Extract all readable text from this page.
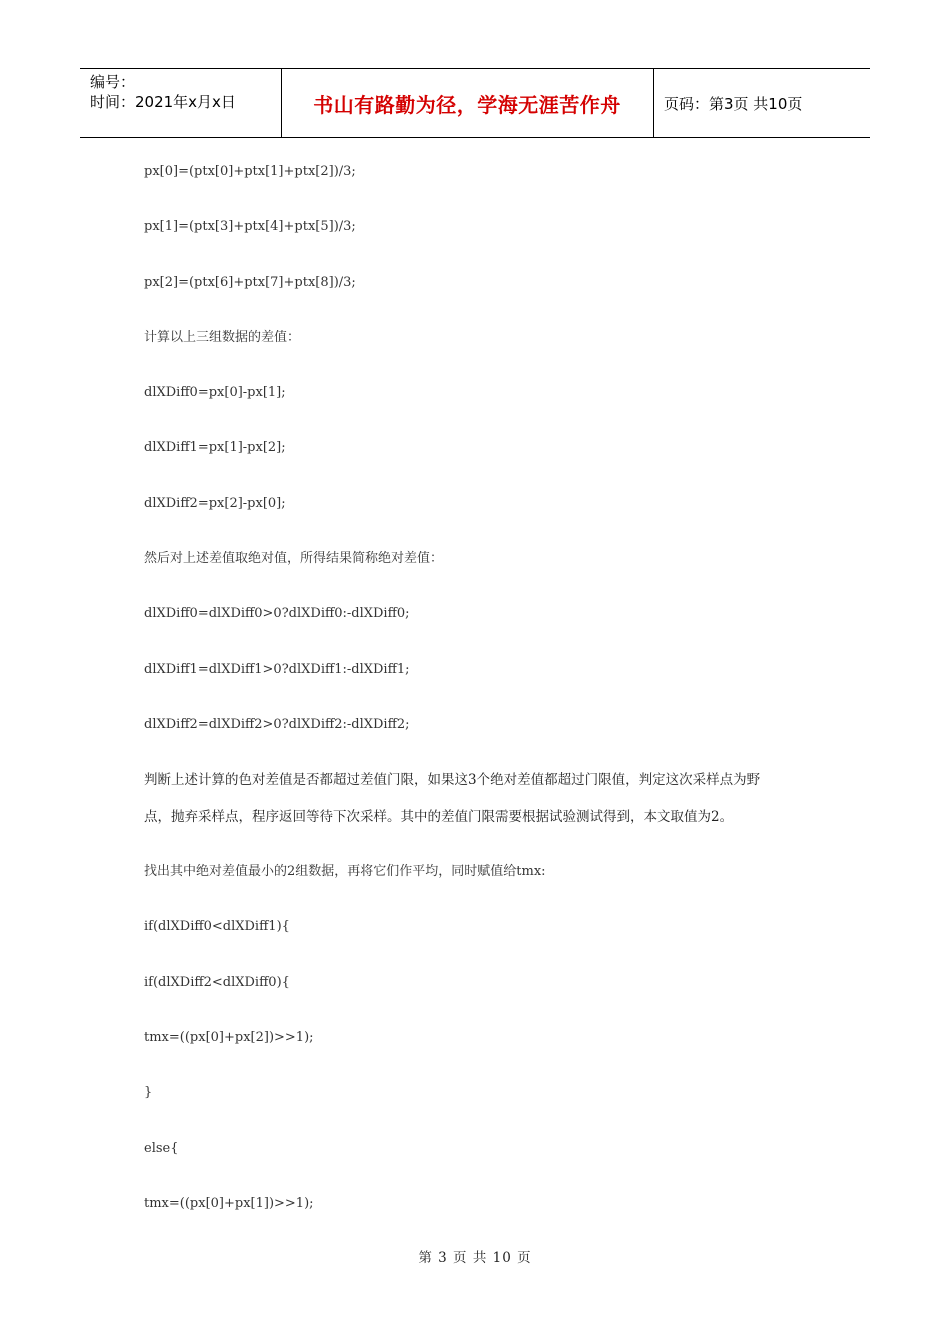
编号：
时间：2021年x月x日	书山有路勤为径，学海无涯苦作舟	页码：第3页 共10页
px[0]=(ptx[0]+ptx[1]+ptx[2])/3;
px[1]=(ptx[3]+ptx[4]+ptx[5])/3;
px[2]=(ptx[6]+ptx[7]+ptx[8])/3;
计算以上三组数据的差值：
dlXDiff0=px[0]-px[1];
dlXDiff1=px[1]-px[2];
dlXDiff2=px[2]-px[0];
然后对上述差值取绝对值，所得结果简称绝对差值：
dlXDiff0=dlXDiff0>0?dlXDiff0:-dlXDiff0;
dlXDiff1=dlXDiff1>0?dlXDiff1:-dlXDiff1;
dlXDiff2=dlXDiff2>0?dlXDiff2:-dlXDiff2;
判断上述计算的色对差值是否都超过差值门限，如果这3个绝对差值都超过门限值，判定这次采样点为野
点，抛弃采样点，程序返回等待下次采样。其中的差值门限需要根据试验测试得到，本文取值为2。
找出其中绝对差值最小的2组数据，再将它们作平均，同时赋值给tmx:
if(dlXDiff0<dlXDiff1){
if(dlXDiff2<dlXDiff0){
tmx=((px[0]+px[2])>>1);
}
else{
tmx=((px[0]+px[1])>>1);
第 3 页 共 10 页
